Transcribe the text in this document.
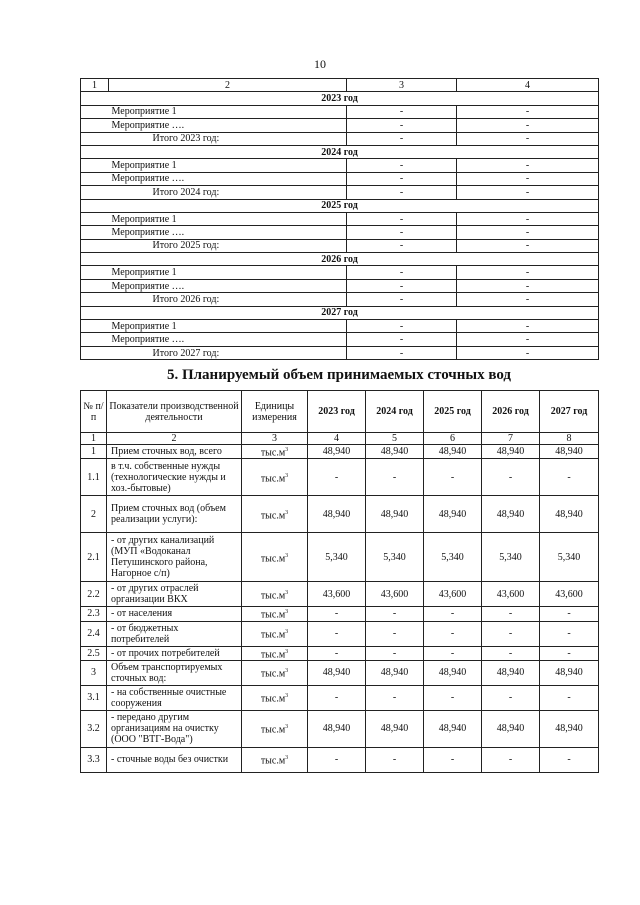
10
1	2	3	4
2023 год			
	Мероприятие 1	-	-
	Мероприятие ….	-	-
	Итого 2023 год:	-	-
2024 год			
	Мероприятие 1	-	-
	Мероприятие ….	-	-
	Итого 2024 год:	-	-
2025 год			
	Мероприятие 1	-	-
	Мероприятие ….	-	-
	Итого 2025 год:	-	-
2026 год			
	Мероприятие 1	-	-
	Мероприятие ….	-	-
	Итого 2026 год:	-	-
2027 год			
	Мероприятие 1	-	-
	Мероприятие ….	-	-
	Итого 2027 год:	-	-
5. Планируемый объем принимаемых сточных вод
№ п/п	Показатели производственной деятельности	Единицы измерения	2023 год	2024 год	2025 год	2026 год	2027 год
1	2	3	4	5	6	7	8
1	Прием сточных вод, всего	$тыс.м^3$	48,940	48,940	48,940	48,940	48,940
1.1	в т.ч. собственные нужды (технологические нужды и хоз.-бытовые)	$тыс.м^3$	-	-	-	-	-
2	Прием сточных вод (объем реализации услуги):	$тыс.м^3$	48,940	48,940	48,940	48,940	48,940
2.1	- от других канализаций (МУП «Водоканал Петушинского района, Нагорное с/п)	$тыс.м^3$	5,340	5,340	5,340	5,340	5,340
2.2	- от других отраслей организации ВКХ	$тыс.м^3$	43,600	43,600	43,600	43,600	43,600
2.3	- от населения	$тыс.м^3$	-	-	-	-	-
2.4	- от бюджетных потребителей	$тыс.м^3$	-	-	-	-	-
2.5	- от прочих потребителей	$тыс.м^3$	-	-	-	-	-
3	Объем транспортируемых сточных вод:	$тыс.м^3$	48,940	48,940	48,940	48,940	48,940
3.1	- на собственные очистные сооружения	$тыс.м^3$	-	-	-	-	-
3.2	- передано другим организациям на очистку (ООО "ВТГ-Вода")	$тыс.м^3$	48,940	48,940	48,940	48,940	48,940
3.3	- сточные воды без очистки	$тыс.м^3$	-	-	-	-	-
